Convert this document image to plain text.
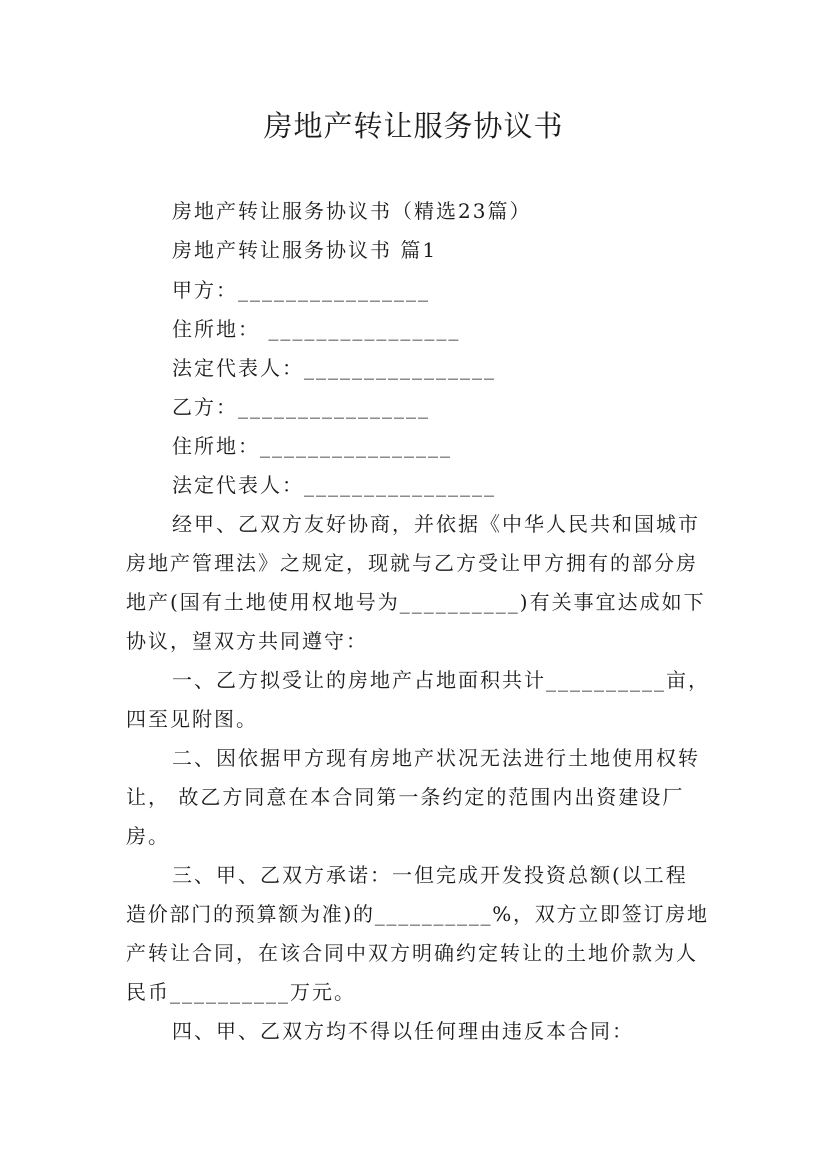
房地产转让服务协议书
房地产转让服务协议书（精选23篇）
房地产转让服务协议书 篇1
甲方：________________
住所地： ________________
法定代表人：________________
乙方：________________
住所地：________________
法定代表人：________________
经甲、乙双方友好协商，并依据《中华人民共和国城市
房地产管理法》之规定，现就与乙方受让甲方拥有的部分房
地产(国有土地使用权地号为__________)有关事宜达成如下
协议，望双方共同遵守：
一、乙方拟受让的房地产占地面积共计__________亩，
四至见附图。
二、因依据甲方现有房地产状况无法进行土地使用权转
让， 故乙方同意在本合同第一条约定的范围内出资建设厂
房。
三、甲、乙双方承诺：一但完成开发投资总额(以工程
造价部门的预算额为准)的__________%，双方立即签订房地
产转让合同，在该合同中双方明确约定转让的土地价款为人
民币__________万元。
四、甲、乙双方均不得以任何理由违反本合同：
